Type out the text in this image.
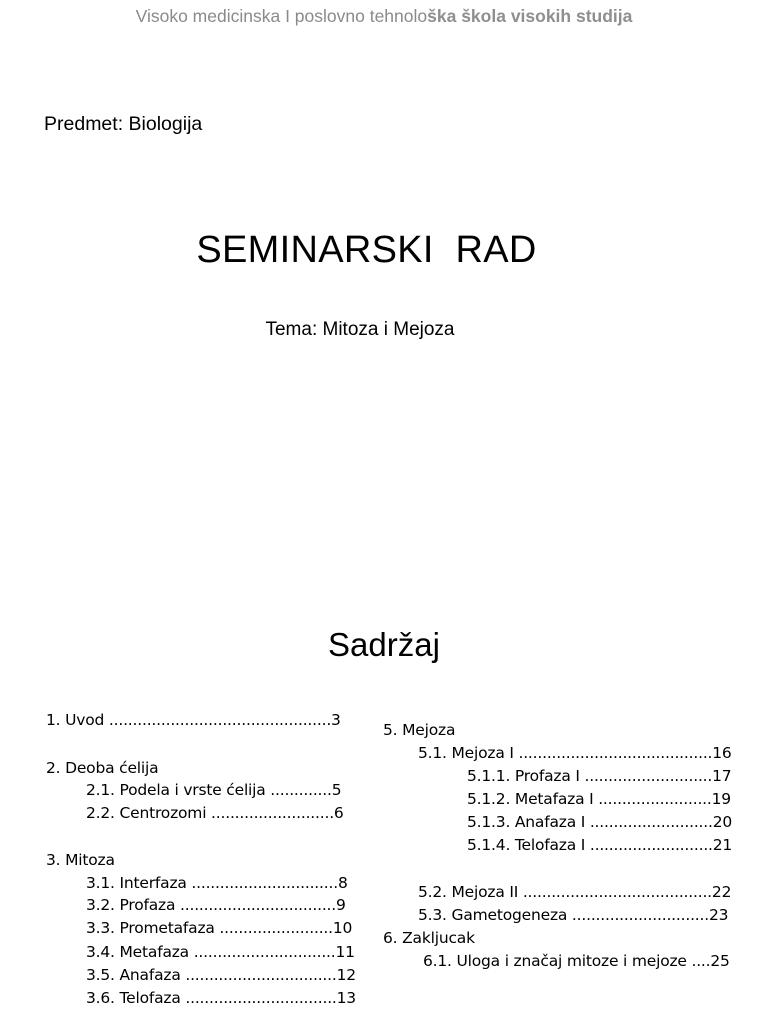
Visoko medicinska I poslovno tehnološka škola visokih studija
Predmet: Biologija
SEMINARSKI  RAD
Tema: Mitoza i Mejoza
Sadržaj
1. Uvod ...............................................3
2. Deoba ćelija
2.1. Podela i vrste ćelija .............5
2.2. Centrozomi ..........................6
3. Mitoza
3.1. Interfaza ...............................8
3.2. Profaza .................................9
3.3. Prometafaza ........................10
3.4. Metafaza ..............................11
3.5. Anafaza ................................12
3.6. Telofaza ................................13
5. Mejoza
5.1. Mejoza I .........................................16
5.1.1. Profaza I ...........................17
5.1.2. Metafaza I ........................19
5.1.3. Anafaza I ..........................20
5.1.4. Telofaza I ..........................21
5.2. Mejoza II ........................................22
5.3. Gametogeneza .............................23
6. Zakljucak
6.1. Uloga i značaj mitoze i mejoze ....25
